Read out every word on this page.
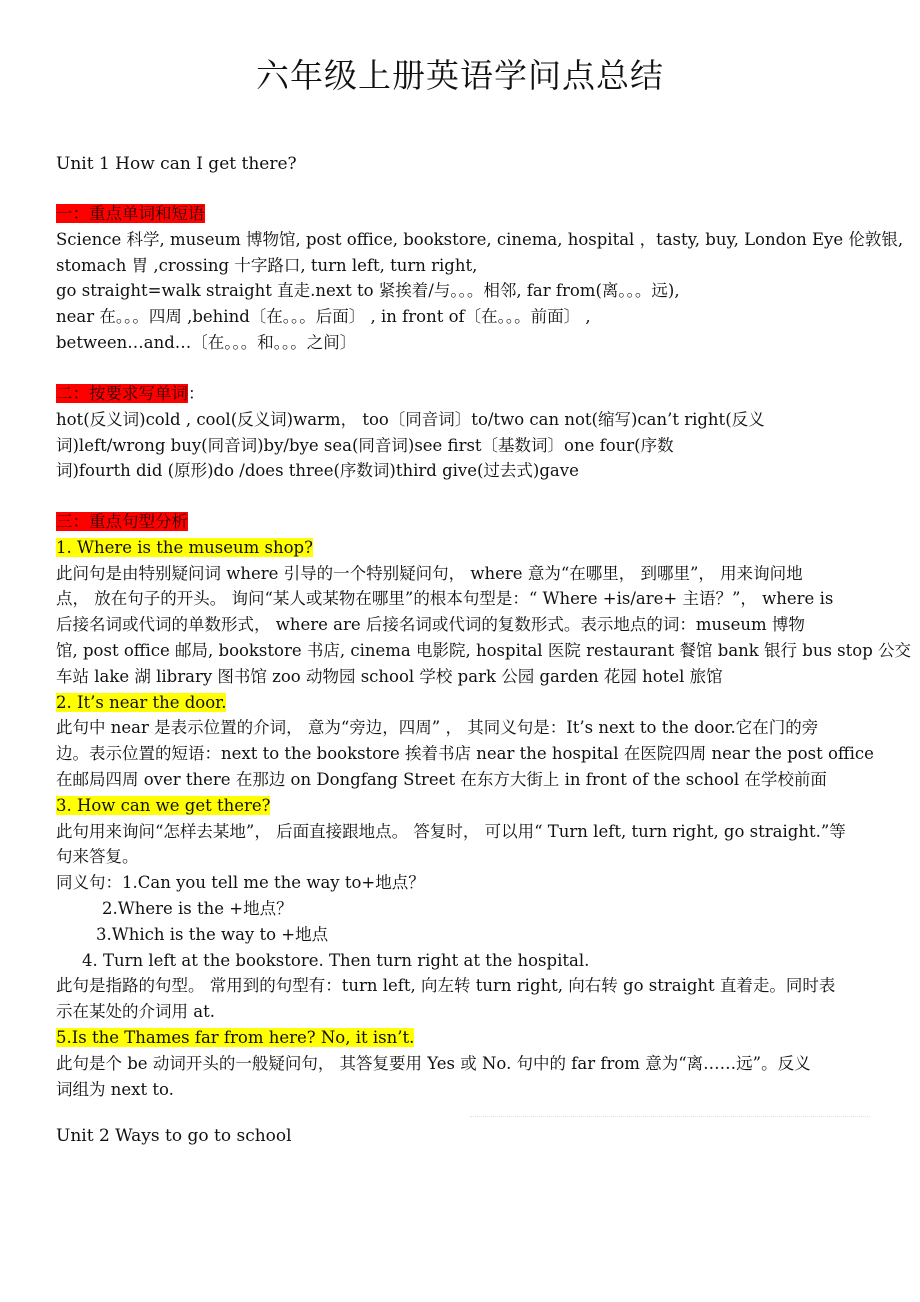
六年级上册英语学问点总结
Unit 1 How can I get there?
一：重点单词和短语
Science 科学, museum 博物馆, post office, bookstore, cinema, hospital ，tasty, buy, London Eye 伦敦银,
stomach 胃 ,crossing 十字路口, turn left, turn right,
go straight=walk straight 直走.next to 紧挨着/与。。。相邻, far from(离。。。远),
near 在。。。四周 ,behind〔在。。。后面〕 , in front of〔在。。。前面〕 ,
between…and…〔在。。。和。。。之间〕
二：按要求写单词：
hot(反义词)cold , cool(反义词)warm， too〔同音词〕to/two can not(缩写)can’t right(反义
词)left/wrong buy(同音词)by/bye sea(同音词)see first〔基数词〕one four(序数
词)fourth did (原形)do /does three(序数词)third give(过去式)gave
三：重点句型分析
1. Where is the museum shop?
此问句是由特别疑问词 where 引导的一个特别疑问句， where 意为“在哪里， 到哪里”， 用来询问地
点， 放在句子的开头。 询问“某人或某物在哪里”的根本句型是：“ Where +is/are+ 主语？”， where is
后接名词或代词的单数形式， where are 后接名词或代词的复数形式。表示地点的词：museum 博物
馆, post office 邮局, bookstore 书店, cinema 电影院, hospital 医院 restaurant 餐馆 bank 银行 bus stop 公交
车站 lake 湖 library 图书馆 zoo 动物园 school 学校 park 公园 garden 花园 hotel 旅馆
2. It’s near the door.
此句中 near 是表示位置的介词， 意为“旁边，四周” ， 其同义句是：It’s next to the door.它在门的旁
边。表示位置的短语：next to the bookstore 挨着书店 near the hospital 在医院四周 near the post office
在邮局四周 over there 在那边 on Dongfang Street 在东方大街上 in front of the school 在学校前面
3. How can we get there?
此句用来询问“怎样去某地”， 后面直接跟地点。 答复时， 可以用“ Turn left, turn right, go straight.”等
句来答复。
同义句：1.Can you tell me the way to+地点？
2.Where is the +地点？
3.Which is the way to +地点
4. Turn left at the bookstore. Then turn right at the hospital.
此句是指路的句型。 常用到的句型有：turn left, 向左转 turn right, 向右转 go straight 直着走。同时表
示在某处的介词用 at.
5.Is the Thames far from here? No, it isn’t.
此句是个 be 动词开头的一般疑问句， 其答复要用 Yes 或 No. 句中的 far from 意为“离……远”。反义
词组为 next to.
Unit 2 Ways to go to school
